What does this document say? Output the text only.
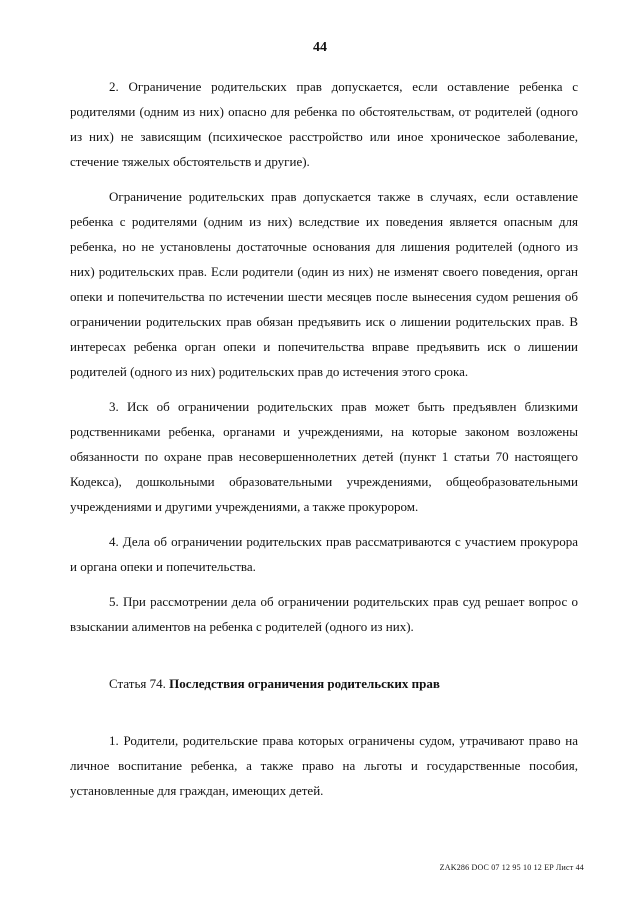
44

2. Ограничение родительских прав допускается, если оставление ребенка с родителями (одним из них) опасно для ребенка по обстоятельствам, от родителей (одного из них) не зависящим (психическое расстройство или иное хроническое заболевание, стечение тяжелых обстоятельств и другие).

Ограничение родительских прав допускается также в случаях, если оставление ребенка с родителями (одним из них) вследствие их поведения является опасным для ребенка, но не установлены достаточные основания для лишения родителей (одного из них) родительских прав. Если родители (один из них) не изменят своего поведения, орган опеки и попечительства по истечении шести месяцев после вынесения судом решения об ограничении родительских прав обязан предъявить иск о лишении родительских прав. В интересах ребенка орган опеки и попечительства вправе предъявить иск о лишении родителей (одного из них) родительских прав до истечения этого срока.

3. Иск об ограничении родительских прав может быть предъявлен близкими родственниками ребенка, органами и учреждениями, на которые законом возложены обязанности по охране прав несовершеннолетних детей (пункт 1 статьи 70 настоящего Кодекса), дошкольными образовательными учреждениями, общеобразовательными учреждениями и другими учреждениями, а также прокурором.

4. Дела об ограничении родительских прав рассматриваются с участием прокурора и органа опеки и попечительства.

5. При рассмотрении дела об ограничении родительских прав суд решает вопрос о взыскании алиментов на ребенка с родителей (одного из них).

Статья 74. Последствия ограничения родительских прав

1. Родители, родительские права которых ограничены судом, утрачивают право на личное воспитание ребенка, а также право на льготы и государственные пособия, установленные для граждан, имеющих детей.

ZAK286 DOC 07 12 95 10 12 EP Лист 44
